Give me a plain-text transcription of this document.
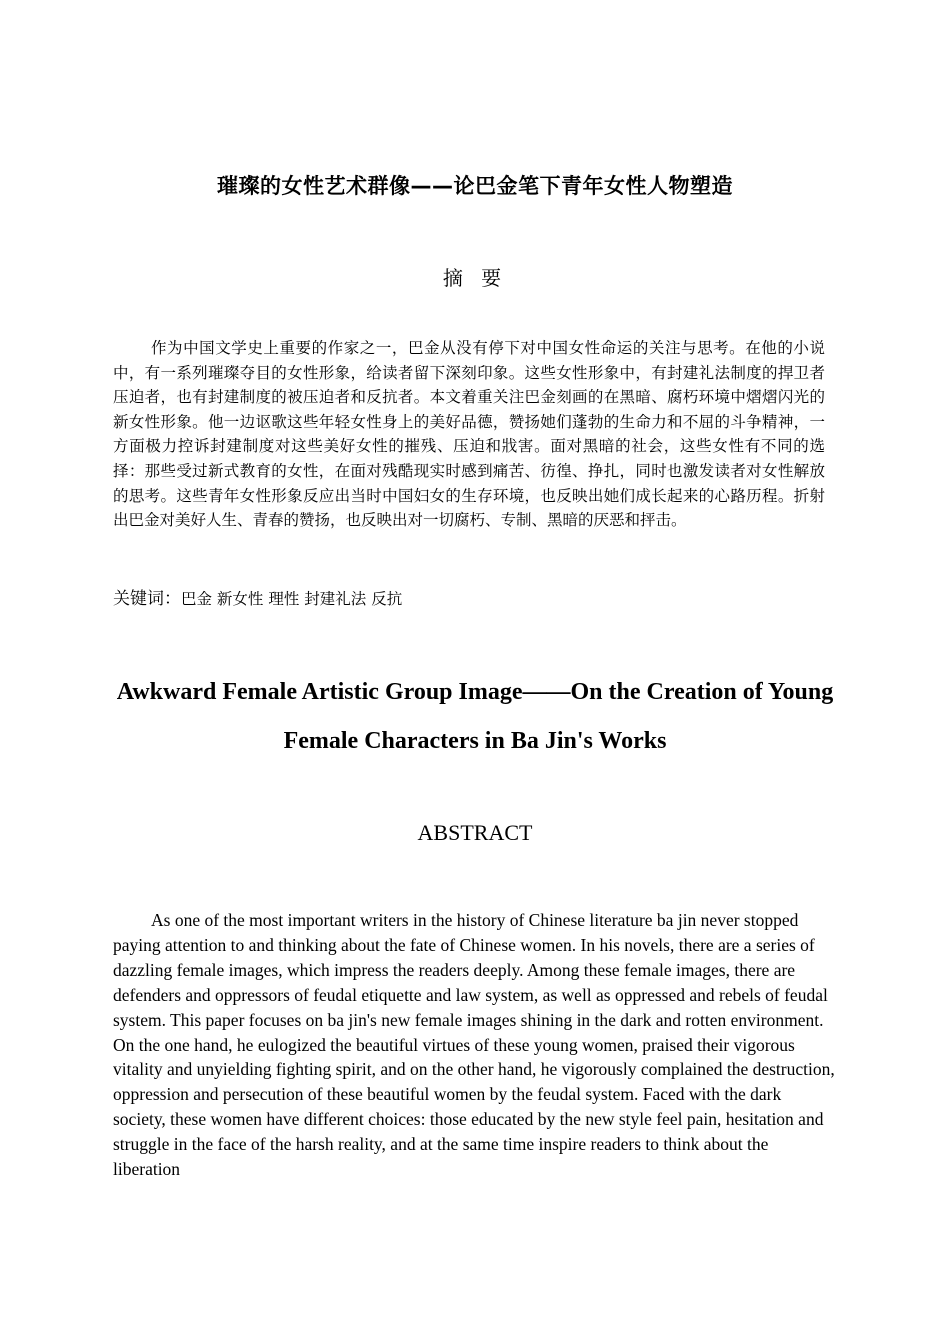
璀璨的女性艺术群像——论巴金笔下青年女性人物塑造
摘 要

作为中国文学史上重要的作家之一，巴金从没有停下对中国女性命运的关注与思考。在他的小说中，有一系列璀璨夺目的女性形象，给读者留下深刻印象。这些女性形象中，有封建礼法制度的捍卫者压迫者，也有封建制度的被压迫者和反抗者。本文着重关注巴金刻画的在黑暗、腐朽环境中熠熠闪光的新女性形象。他一边讴歌这些年轻女性身上的美好品德，赞扬她们蓬勃的生命力和不屈的斗争精神，一方面极力控诉封建制度对这些美好女性的摧残、压迫和戕害。面对黑暗的社会，这些女性有不同的选择：那些受过新式教育的女性，在面对残酷现实时感到痛苦、彷徨、挣扎，同时也激发读者对女性解放的思考。这些青年女性形象反应出当时中国妇女的生存环境，也反映出她们成长起来的心路历程。折射出巴金对美好人生、青春的赞扬，也反映出对一切腐朽、专制、黑暗的厌恶和抨击。

关键词：巴金 新女性 理性 封建礼法 反抗

Awkward Female Artistic Group Image——On the Creation of Young Female Characters in Ba Jin's Works

ABSTRACT

As one of the most important writers in the history of Chinese literature ba jin never stopped paying attention to and thinking about the fate of Chinese women. In his novels, there are a series of dazzling female images, which impress the readers deeply. Among these female images, there are defenders and oppressors of feudal etiquette and law system, as well as oppressed and rebels of feudal system. This paper focuses on ba jin's new female images shining in the dark and rotten environment. On the one hand, he eulogized the beautiful virtues of these young women, praised their vigorous vitality and unyielding fighting spirit, and on the other hand, he vigorously complained the destruction, oppression and persecution of these beautiful women by the feudal system. Faced with the dark society, these women have different choices: those educated by the new style feel pain, hesitation and struggle in the face of the harsh reality, and at the same time inspire readers to think about the liberation
